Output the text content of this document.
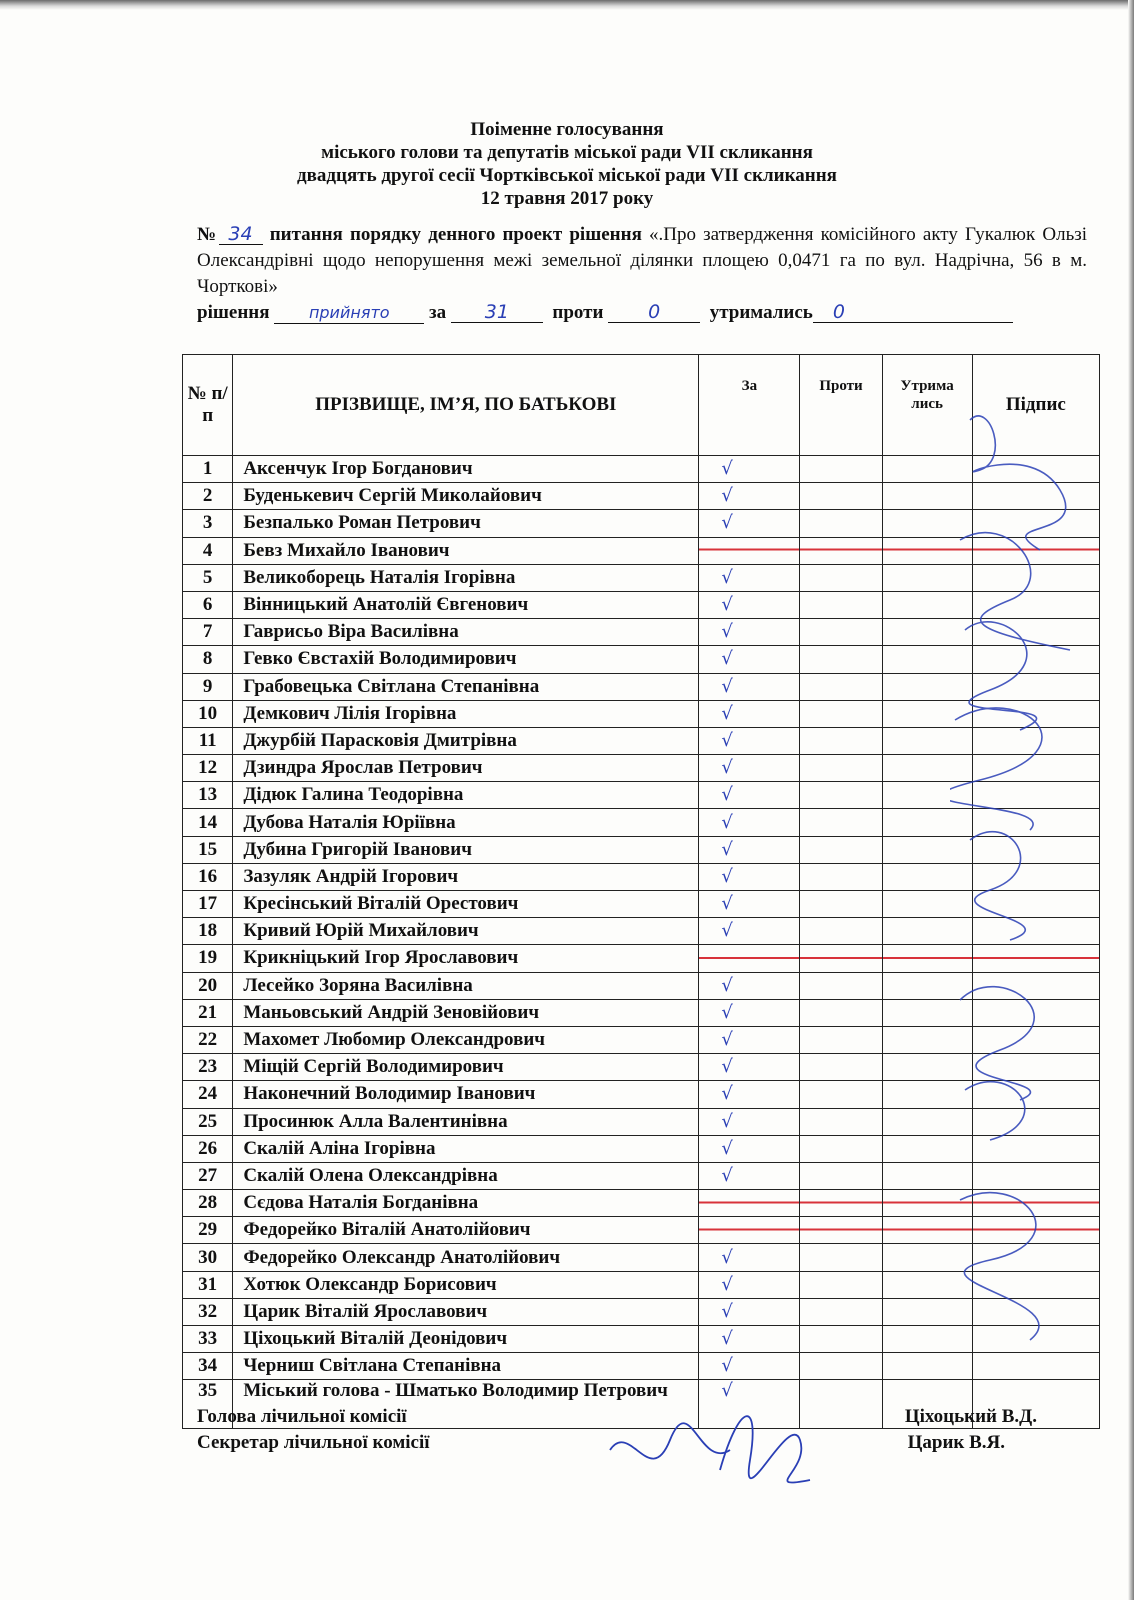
Поіменне голосування
міського голови та депутатів міської ради VII скликання
двадцять другої сесії Чортківської міської ради VII скликання
12 травня 2017 року
№ 34 питання порядку денного проект рішення «.Про затвердження комісійного акту Гукалюк Ользі Олександрівні щодо непорушення межі земельної ділянки площею 0,0471 га по вул. Надрічна, 56 в м. Чорткові»
рішення прийнято за 31 проти 0	утримались 0
№ п/п	ПРІЗВИЩЕ, ІМ’Я, ПО БАТЬКОВІ	За	Проти	Утрима лись	Підпис
1	Аксенчук Ігор Богданович	√			
2	Буденькевич Сергій Миколайович	√			
3	Безпалько Роман Петрович	√			
4	Бевз Михайло Іванович				
5	Великоборець Наталія Ігорівна	√			
6	Вінницький Анатолій Євгенович	√			
7	Гаврисьо Віра Василівна	√			
8	Гевко Євстахій Володимирович	√			
9	Грабовецька Світлана Степанівна	√			
10	Демкович Лілія Ігорівна	√			
11	Джурбій Парасковія Дмитрівна	√			
12	Дзиндра Ярослав Петрович	√			
13	Дідюк Галина Теодорівна	√			
14	Дубова Наталія Юріївна	√			
15	Дубина Григорій Іванович	√			
16	Зазуляк Андрій Ігорович	√			
17	Кресінський Віталій Орестович	√			
18	Кривий Юрій Михайлович	√			
19	Крикніцький Ігор Ярославович				
20	Лесейко Зоряна Василівна	√			
21	Маньовський Андрій Зеновійович	√			
22	Махомет Любомир Олександрович	√			
23	Міщій Сергій Володимирович	√			
24	Наконечний Володимир Іванович	√			
25	Просинюк Алла Валентинівна	√			
26	Скалій Аліна Ігорівна	√			
27	Скалій Олена Олександрівна	√			
28	Сєдова Наталія Богданівна				
29	Федорейко Віталій Анатолійович				
30	Федорейко Олександр Анатолійович	√			
31	Хотюк Олександр Борисович	√			
32	Царик Віталій Ярославович	√			
33	Ціхоцький Віталій Деонідович	√			
34	Черниш Світлана Степанівна	√			
35	Міський голова - Шматько Володимир Петрович	√			
Голова лічильної комісії	Ціхоцький В.Д.
Секретар лічильної комісії	Царик В.Я.
